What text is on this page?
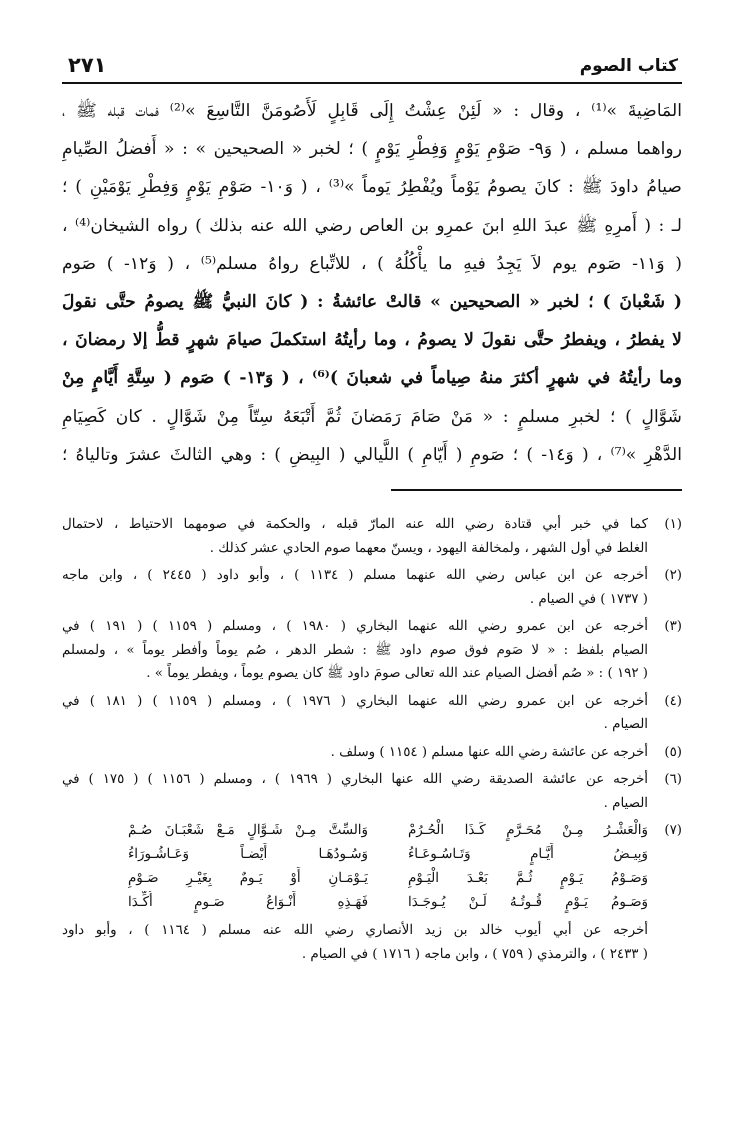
كتاب الصوم
٢٧١
المَاضِيةَ »⁽¹⁾ ، وقال : « لَئِنْ عِشْتُ إِلَى قَابِلٍ لَأَصُومَنَّ التَّاسِعَ »⁽²⁾ فمات قبله ﷺ ،
رواهما مسلم ، ( وَ٩- صَوْمِ يَوْمٍ وَفِطْرِ يَوْمٍ ) ؛ لخبر « الصحيحين » : « أَفضلُ الصِّيامِ
صيامُ داودَ ﷺ : كانَ يصومُ يَوْماً ويُفْطِرُ يَوماً »⁽³⁾ ، ( وَ١٠- صَوْمِ يَوْمٍ وَفِطْرِ يَوْمَيْنِ ) ؛
لـ : ( أَمرِهِ ﷺ عبدَ اللهِ ابنَ عمرِو بن العاص رضي الله عنه بذلك ) رواه الشيخان⁽⁴⁾ ،
( وَ١١- صَوم يوم لاَ يَجِدُ فيهِ ما يأْكُلُهُ ) ، للاتِّباع رواهُ مسلم⁽⁵⁾ ، ( وَ١٢- ) صَوم
( شَعْبانَ ) ؛ لخبر « الصحيحين » قالتْ عائشةُ : ( كانَ النبيُّ ﷺ يصومُ حتَّى نقولَ
لا يفطرُ ، ويفطرُ حتَّى نقولَ لا يصومُ ، وما رأيتُهُ استكملَ صيامَ شهرٍ قطُّ إلا رمضانَ ،
وما رأيتُهُ في شهرٍ أكثرَ منهُ صِياماً في شعبانَ )⁽⁶⁾ ، ( وَ١٣- ) صَوم ( سِتَّةِ أَيَّامٍ مِنْ
شَوَّالٍ ) ؛ لخبرِ مسلمٍ : « مَنْ صَامَ رَمَضانَ ثُمَّ أَتْبَعَهُ سِتّاً مِنْ شَوَّالٍ . كان كَصِيَامِ
الدَّهْرِ »⁽⁷⁾ ، ( وَ١٤- ) ؛ صَومِ ( أَيّامِ ) اللَّيالي ( البِيضِ ) : وهي الثالثَ عشرَ وتالياهُ ؛
(١)
كما في خبر أبي قتادة رضي الله عنه المارّ قبله ، والحكمة في صومهما الاحتياط ، لاحتمال
الغلط في أول الشهر ، ولمخالفة اليهود ، ويسنّ معهما صوم الحادي عشر كذلك .
(٢)
أخرجه عن ابن عباس رضي الله عنهما مسلم ( ١١٣٤ ) ، وأبو داود ( ٢٤٤٥ ) ، وابن ماجه
( ١٧٣٧ ) في الصيام .
(٣)
أخرجه عن ابن عمرو رضي الله عنهما البخاري ( ١٩٨٠ ) ، ومسلم ( ١١٥٩ ) ( ١٩١ ) في
الصيام بلفظ : « لا صَوم فوق صوم داود ﷺ : شطر الدهر ، صُم يوماً وأفطر يوماً » ، ولمسلم
( ١٩٢ ) : « صُم أفضل الصيام عند الله تعالى صومَ داود ﷺ كان يصوم يوماً ، ويفطر يوماً » .
(٤)
أخرجه عن ابن عمرو رضي الله عنهما البخاري ( ١٩٧٦ ) ، ومسلم ( ١١٥٩ ) ( ١٨١ ) في
الصيام .
(٥)
أخرجه عن عائشة رضي الله عنها مسلم ( ١١٥٤ ) وسلف .
(٦)
أخرجه عن عائشة الصديقة رضي الله عنها البخاري ( ١٩٦٩ ) ، ومسلم ( ١١٥٦ ) ( ١٧٥ ) في
الصيام .
(٧)
وَالْعَشْـرُ مِـنْ مُحَـرَّمٍ كَـذَا الْحُـرُمْ
وَالسِّتَّ مِـنْ شَـوَّالٍ مَـعْ شَعْبَـانَ صُـمْ
وَبِيـضُ أَيَّـامٍ وَتَـاسُـوعَـاءُ
وَسُـودُهَـا أَيْضـاً وَعَـاشُـورَاءُ
وَصَـوْمُ يَـوْمٍ ثُـمَّ بَعْـدَ الْيَـوْمِ
يَـوْمَـانِ أَوْ يَـومٌ بِغَيْـرِ صَـوْمِ
وَصَـومُ يَـوْمٍ قُـوتُـهُ لَـنْ يُـوجَـدَا
فَهَـذِهِ أَنْـوَاعُ صَـومٍ أُكِّـدَا
أخرجه عن أبي أيوب خالد بن زيد الأنصاري رضي الله عنه مسلم ( ١١٦٤ ) ، وأبو داود
( ٢٤٣٣ ) ، والترمذي ( ٧٥٩ ) ، وابن ماجه ( ١٧١٦ ) في الصيام .
